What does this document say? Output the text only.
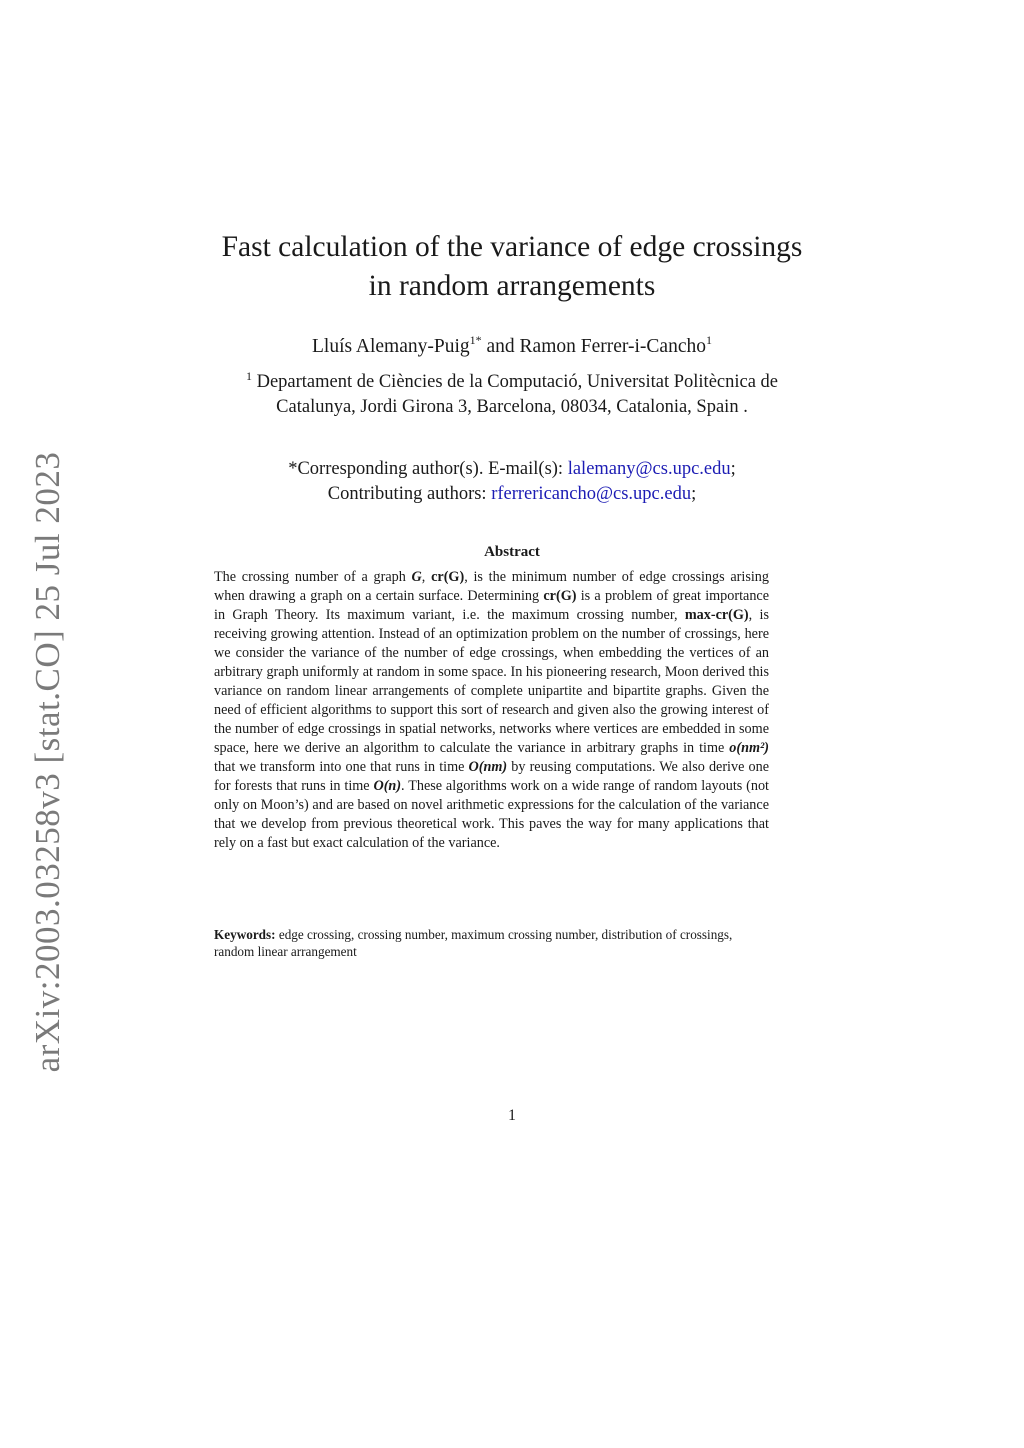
arXiv:2003.03258v3 [stat.CO] 25 Jul 2023
Fast calculation of the variance of edge crossings
in random arrangements
Lluís Alemany-Puig$^{1*}$ and Ramon Ferrer-i-Cancho$^1$
$^1$ Departament de Ciències de la Computació, Universitat Politècnica de
Catalunya, Jordi Girona 3, Barcelona, 08034, Catalonia, Spain .
*Corresponding author(s). E-mail(s): lalemany@cs.upc.edu;
Contributing authors: rferrericancho@cs.upc.edu;
Abstract
The crossing number of a graph G, cr(G), is the minimum number of edge crossings arising when drawing a graph on a certain surface. Determining cr(G) is a problem of great importance in Graph Theory. Its maximum variant, i.e. the maximum crossing number, max-cr(G), is receiving growing attention. Instead of an optimization problem on the number of crossings, here we consider the variance of the number of edge crossings, when embedding the vertices of an arbitrary graph uniformly at random in some space. In his pioneering research, Moon derived this variance on random linear arrangements of complete unipartite and bipartite graphs. Given the need of efficient algorithms to support this sort of research and given also the growing interest of the number of edge crossings in spatial networks, networks where vertices are embedded in some space, here we derive an algorithm to calculate the variance in arbitrary graphs in time o(nm²) that we transform into one that runs in time O(nm) by reusing computations. We also derive one for forests that runs in time O(n). These algorithms work on a wide range of random layouts (not only on Moon’s) and are based on novel arithmetic expressions for the calculation of the variance that we develop from previous theoretical work. This paves the way for many applications that rely on a fast but exact calculation of the variance.
Keywords: edge crossing, crossing number, maximum crossing number, distribution of crossings, random linear arrangement
1
